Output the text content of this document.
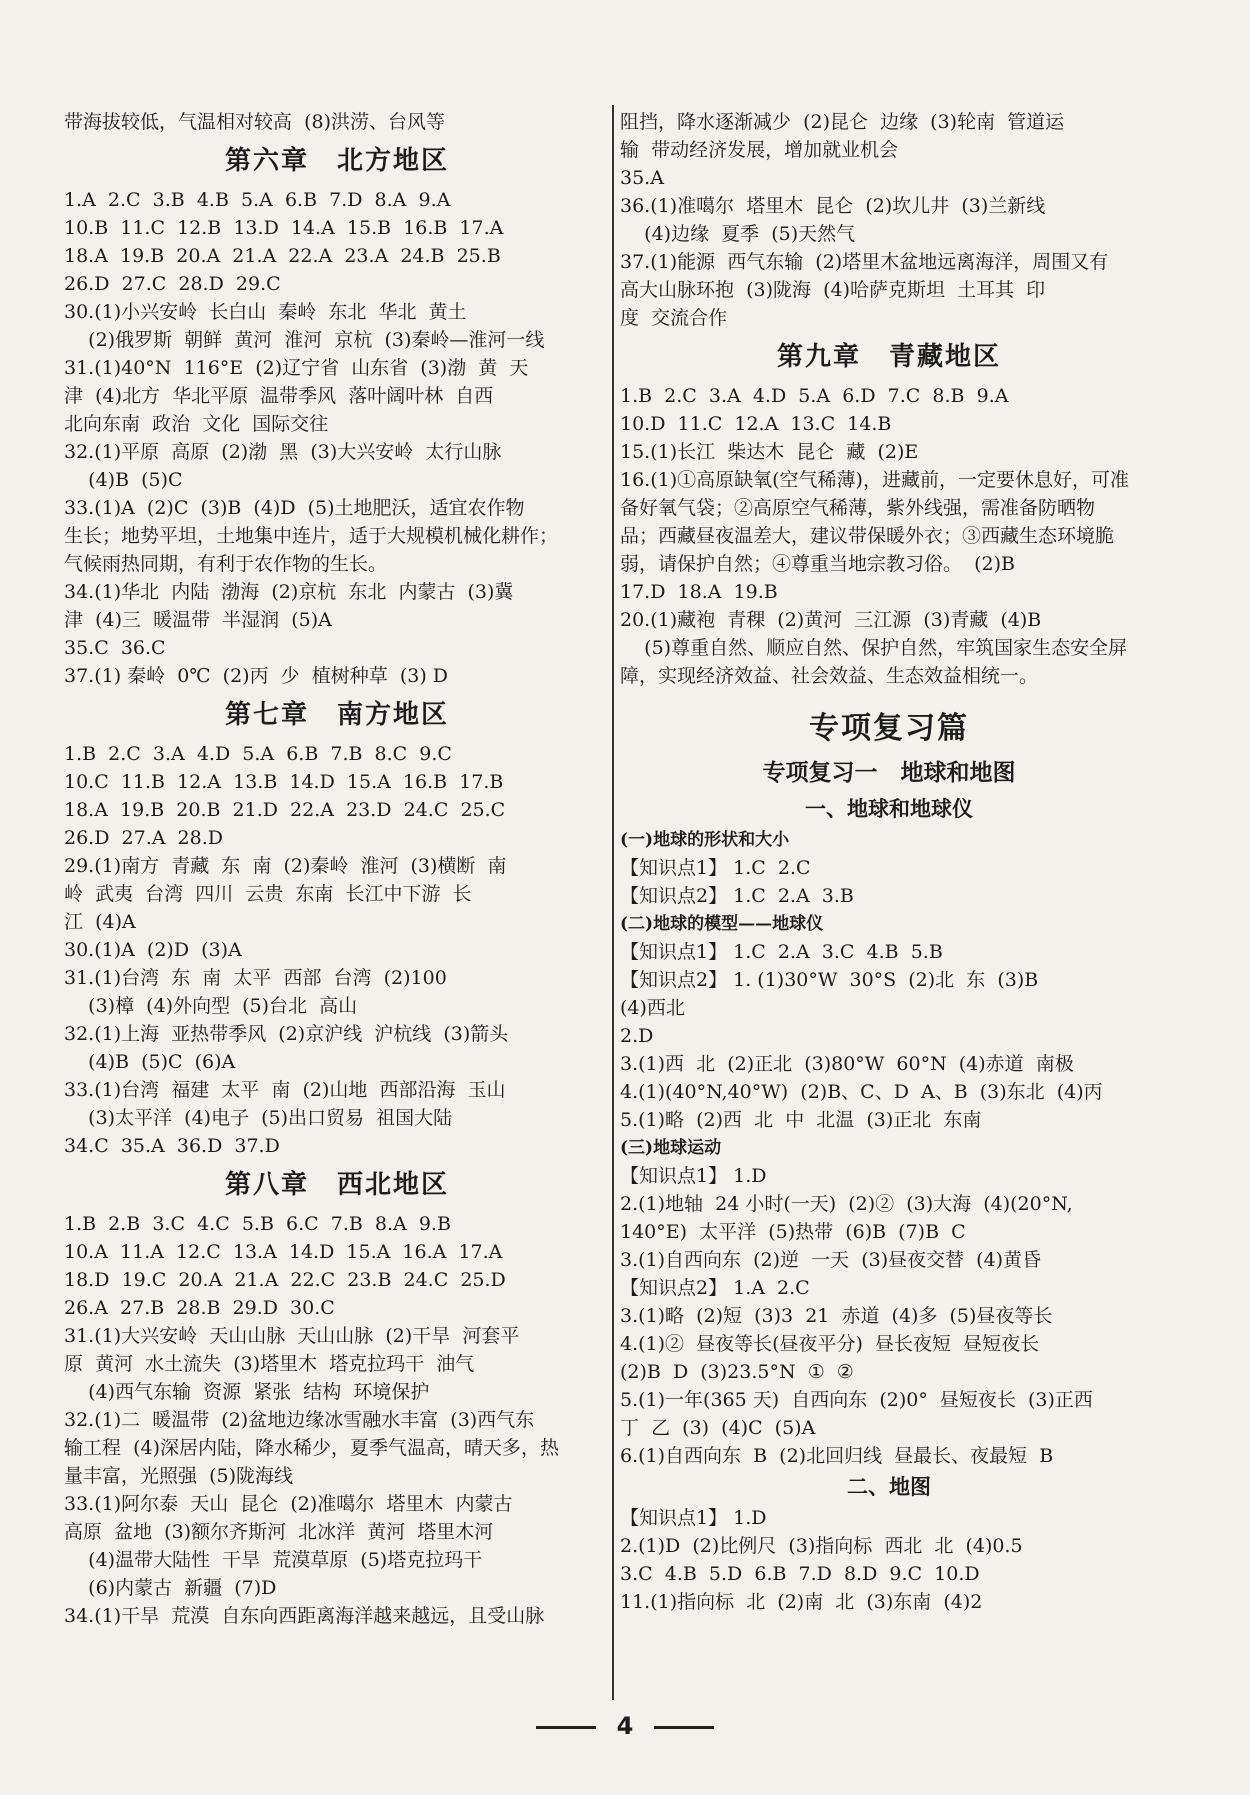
带海拔较低，气温相对较高  (8)洪涝、台风等
第六章　北方地区
1.A  2.C  3.B  4.B  5.A  6.B  7.D  8.A  9.A
10.B  11.C  12.B  13.D  14.A  15.B  16.B  17.A
18.A  19.B  20.A  21.A  22.A  23.A  24.B  25.B
26.D  27.C  28.D  29.C
30.(1)小兴安岭  长白山  秦岭  东北  华北  黄土
(2)俄罗斯  朝鲜  黄河  淮河  京杭  (3)秦岭—淮河一线
31.(1)40°N  116°E  (2)辽宁省  山东省  (3)渤  黄  天
津  (4)北方  华北平原  温带季风  落叶阔叶林  自西
北向东南  政治  文化  国际交往
32.(1)平原  高原  (2)渤  黑  (3)大兴安岭  太行山脉
(4)B  (5)C
33.(1)A  (2)C  (3)B  (4)D  (5)土地肥沃，适宜农作物
生长；地势平坦，土地集中连片，适于大规模机械化耕作；
气候雨热同期，有利于农作物的生长。
34.(1)华北  内陆  渤海  (2)京杭  东北  内蒙古  (3)冀
津  (4)三  暖温带  半湿润  (5)A
35.C  36.C
37.(1) 秦岭  0℃  (2)丙  少  植树种草  (3) D
第七章　南方地区
1.B  2.C  3.A  4.D  5.A  6.B  7.B  8.C  9.C
10.C  11.B  12.A  13.B  14.D  15.A  16.B  17.B
18.A  19.B  20.B  21.D  22.A  23.D  24.C  25.C
26.D  27.A  28.D
29.(1)南方  青藏  东  南  (2)秦岭  淮河  (3)横断  南
岭  武夷  台湾  四川  云贵  东南  长江中下游  长
江  (4)A
30.(1)A  (2)D  (3)A
31.(1)台湾  东  南  太平  西部  台湾  (2)100
(3)樟  (4)外向型  (5)台北  高山
32.(1)上海  亚热带季风  (2)京沪线  沪杭线  (3)箭头
(4)B  (5)C  (6)A
33.(1)台湾  福建  太平  南  (2)山地  西部沿海  玉山
(3)太平洋  (4)电子  (5)出口贸易  祖国大陆
34.C  35.A  36.D  37.D
第八章　西北地区
1.B  2.B  3.C  4.C  5.B  6.C  7.B  8.A  9.B
10.A  11.A  12.C  13.A  14.D  15.A  16.A  17.A
18.D  19.C  20.A  21.A  22.C  23.B  24.C  25.D
26.A  27.B  28.B  29.D  30.C
31.(1)大兴安岭  天山山脉  天山山脉  (2)干旱  河套平
原  黄河  水土流失  (3)塔里木  塔克拉玛干  油气
(4)西气东输  资源  紧张  结构  环境保护
32.(1)二  暖温带  (2)盆地边缘冰雪融水丰富  (3)西气东
输工程  (4)深居内陆，降水稀少，夏季气温高，晴天多，热
量丰富，光照强  (5)陇海线
33.(1)阿尔泰  天山  昆仑  (2)准噶尔  塔里木  内蒙古
高原  盆地  (3)额尔齐斯河  北冰洋  黄河  塔里木河
(4)温带大陆性  干旱  荒漠草原  (5)塔克拉玛干
(6)内蒙古  新疆  (7)D
34.(1)干旱  荒漠  自东向西距离海洋越来越远，且受山脉
阻挡，降水逐渐减少  (2)昆仑  边缘  (3)轮南  管道运
输  带动经济发展，增加就业机会
35.A
36.(1)准噶尔  塔里木  昆仑  (2)坎儿井  (3)兰新线
(4)边缘  夏季  (5)天然气
37.(1)能源  西气东输  (2)塔里木盆地远离海洋，周围又有
高大山脉环抱  (3)陇海  (4)哈萨克斯坦  土耳其  印
度  交流合作
第九章　青藏地区
1.B  2.C  3.A  4.D  5.A  6.D  7.C  8.B  9.A
10.D  11.C  12.A  13.C  14.B
15.(1)长江  柴达木  昆仑  藏  (2)E
16.(1)①高原缺氧(空气稀薄)，进藏前，一定要休息好，可准
备好氧气袋；②高原空气稀薄，紫外线强，需准备防晒物
品；西藏昼夜温差大，建议带保暖外衣；③西藏生态环境脆
弱，请保护自然；④尊重当地宗教习俗。  (2)B
17.D  18.A  19.B
20.(1)藏袍  青稞  (2)黄河  三江源  (3)青藏  (4)B
(5)尊重自然、顺应自然、保护自然，牢筑国家生态安全屏
障，实现经济效益、社会效益、生态效益相统一。
专项复习篇
专项复习一　地球和地图
一、地球和地球仪
(一)地球的形状和大小
【知识点1】 1.C  2.C
【知识点2】 1.C  2.A  3.B
(二)地球的模型——地球仪
【知识点1】 1.C  2.A  3.C  4.B  5.B
【知识点2】 1. (1)30°W  30°S  (2)北  东  (3)B
(4)西北
2.D
3.(1)西  北  (2)正北  (3)80°W  60°N  (4)赤道  南极
4.(1)(40°N,40°W)  (2)B、C、D  A、B  (3)东北  (4)丙
5.(1)略  (2)西  北  中  北温  (3)正北  东南
(三)地球运动
【知识点1】 1.D
2.(1)地轴  24 小时(一天)  (2)②  (3)大海  (4)(20°N,
140°E)  太平洋  (5)热带  (6)B  (7)B  C
3.(1)自西向东  (2)逆  一天  (3)昼夜交替  (4)黄昏
【知识点2】 1.A  2.C
3.(1)略  (2)短  (3)3  21  赤道  (4)多  (5)昼夜等长
4.(1)②  昼夜等长(昼夜平分)  昼长夜短  昼短夜长
(2)B  D  (3)23.5°N  ①  ②
5.(1)一年(365 天)  自西向东  (2)0°  昼短夜长  (3)正西
丁  乙  (3)  (4)C  (5)A
6.(1)自西向东  B  (2)北回归线  昼最长、夜最短  B
二、地图
【知识点1】 1.D
2.(1)D  (2)比例尺  (3)指向标  西北  北  (4)0.5
3.C  4.B  5.D  6.B  7.D  8.D  9.C  10.D
11.(1)指向标  北  (2)南  北  (3)东南  (4)2
4
